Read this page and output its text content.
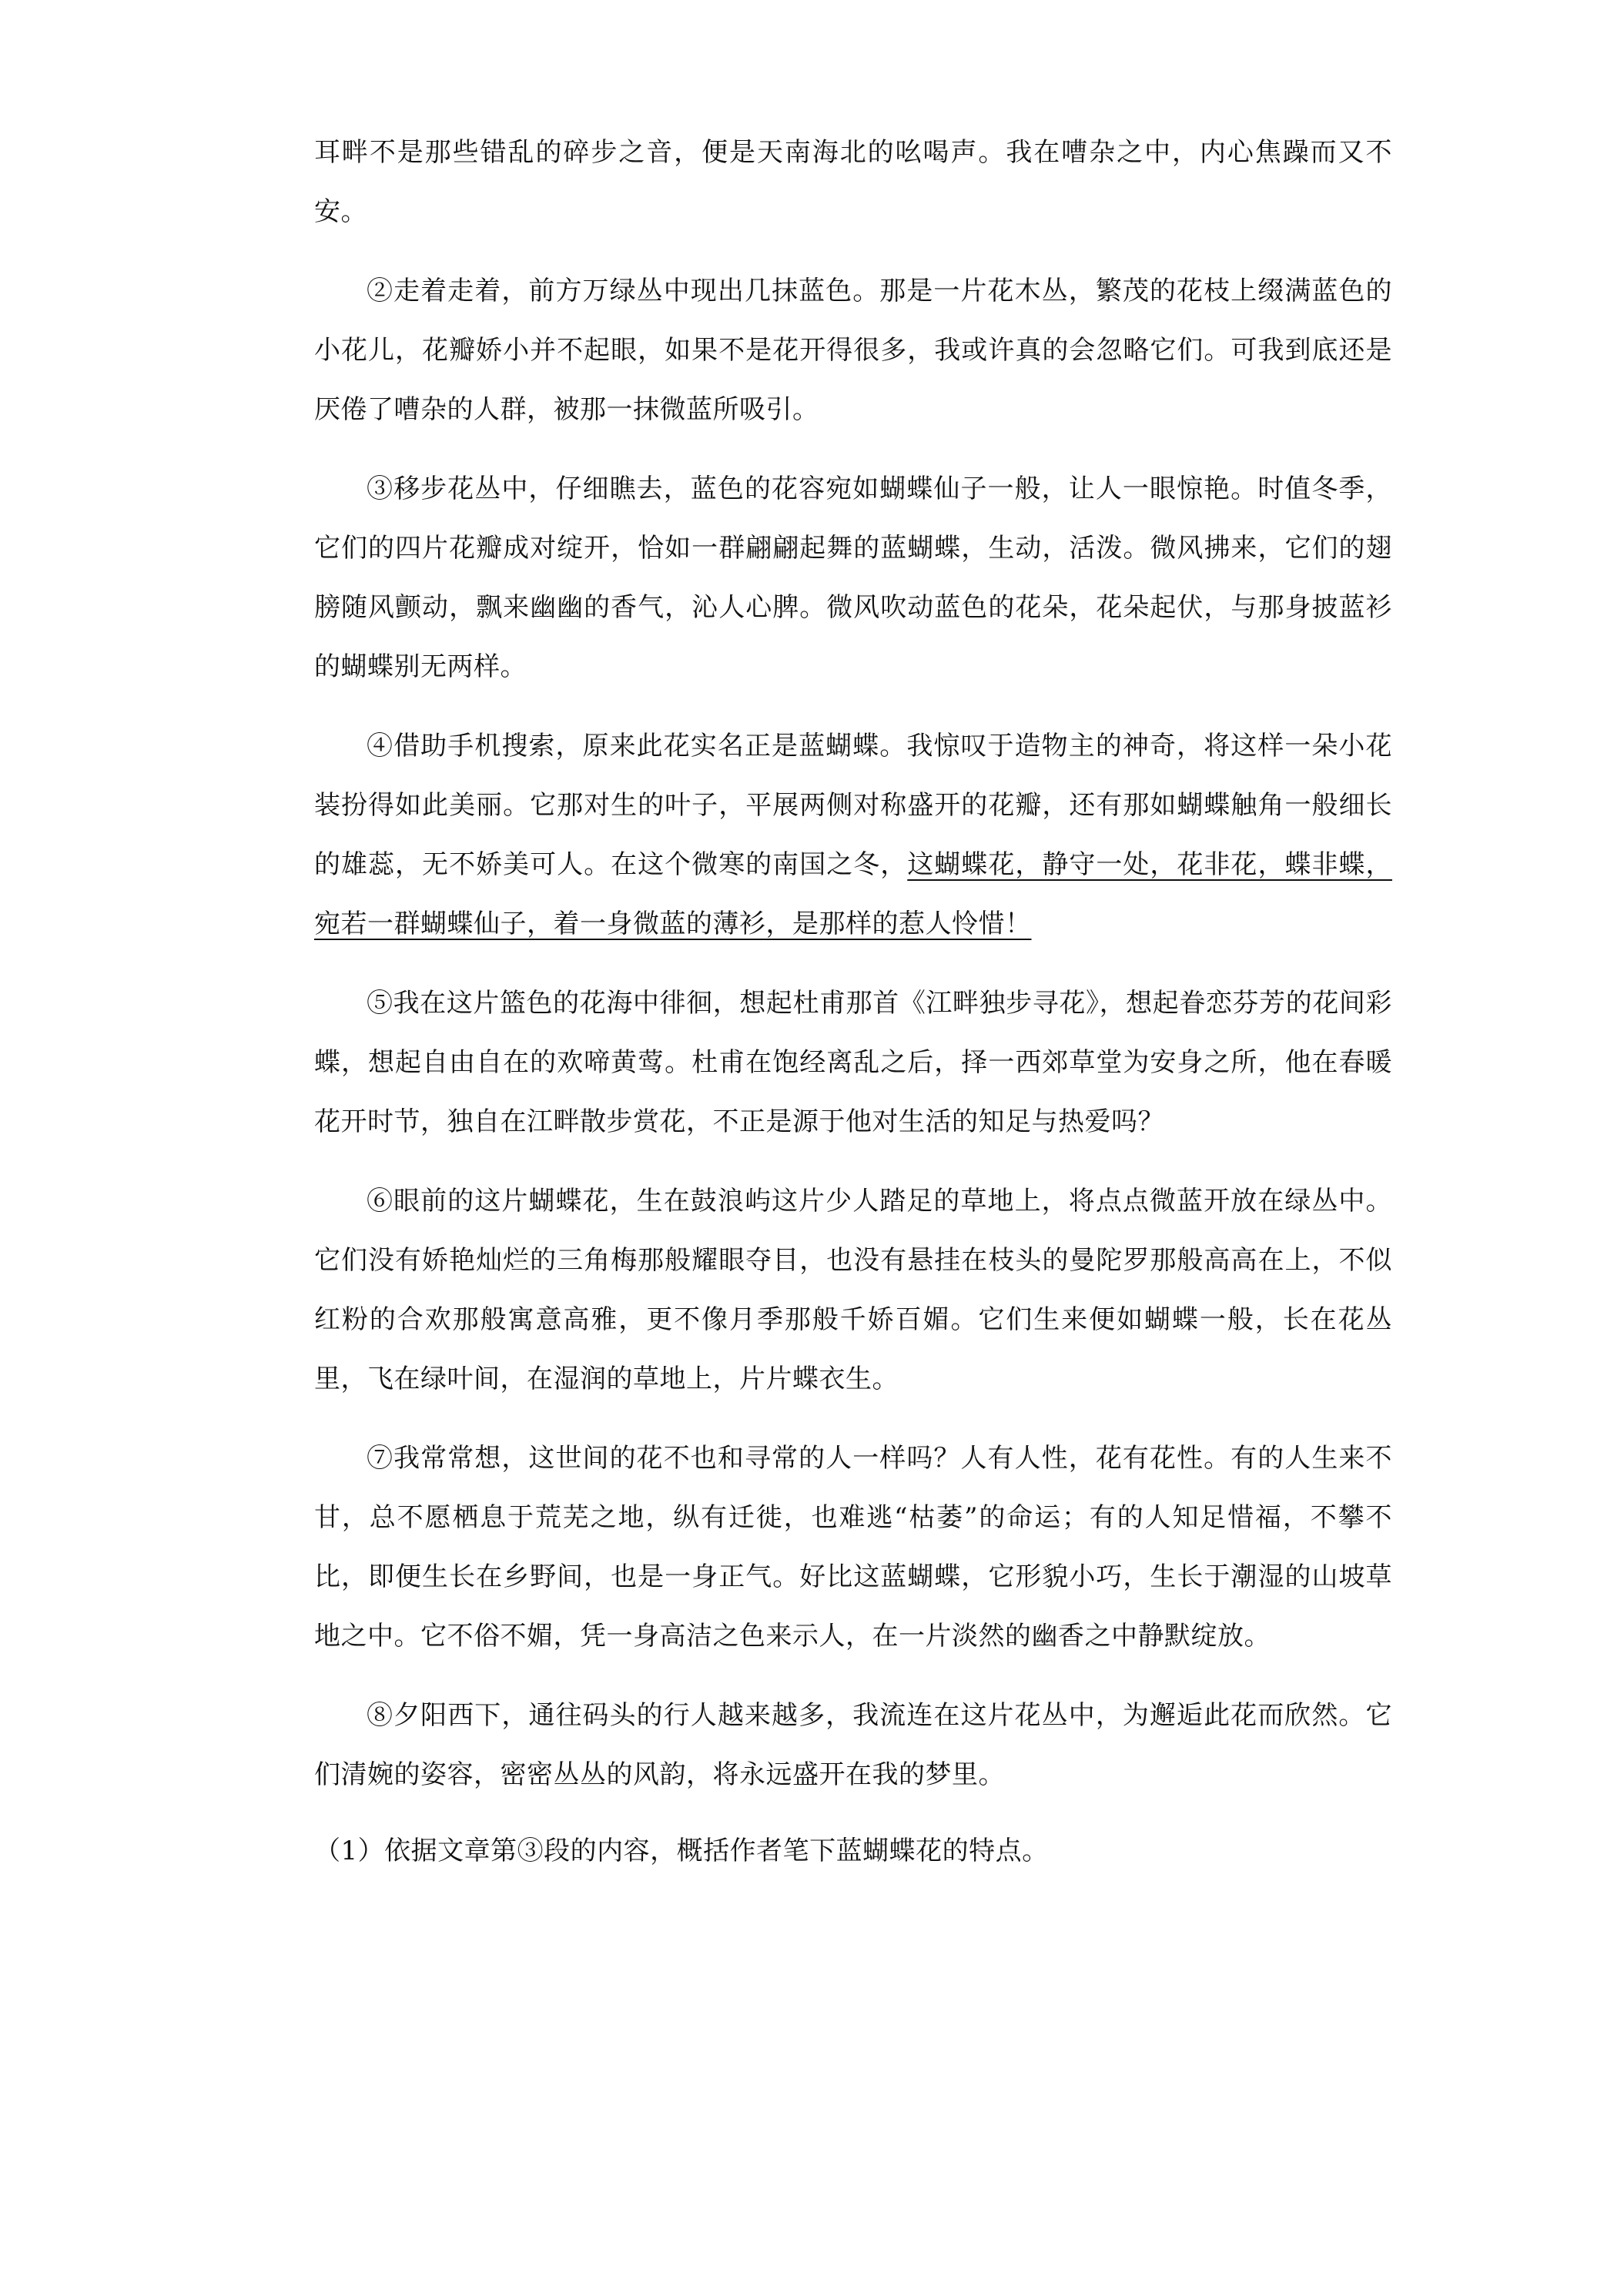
耳畔不是那些错乱的碎步之音，便是天南海北的吆喝声。我在嘈杂之中，内心焦躁而又不安。

②走着走着，前方万绿丛中现出几抹蓝色。那是一片花木丛，繁茂的花枝上缀满蓝色的小花儿，花瓣娇小并不起眼，如果不是花开得很多，我或许真的会忽略它们。可我到底还是厌倦了嘈杂的人群，被那一抹微蓝所吸引。

③移步花丛中，仔细瞧去，蓝色的花容宛如蝴蝶仙子一般，让人一眼惊艳。时值冬季，它们的四片花瓣成对绽开，恰如一群翩翩起舞的蓝蝴蝶，生动，活泼。微风拂来，它们的翅膀随风颤动，飘来幽幽的香气，沁人心脾。微风吹动蓝色的花朵，花朵起伏，与那身披蓝衫的蝴蝶别无两样。

④借助手机搜索，原来此花实名正是蓝蝴蝶。我惊叹于造物主的神奇，将这样一朵小花装扮得如此美丽。它那对生的叶子，平展两侧对称盛开的花瓣，还有那如蝴蝶触角一般细长的雄蕊，无不娇美可人。在这个微寒的南国之冬，这蝴蝶花，静守一处，花非花，蝶非蝶，宛若一群蝴蝶仙子，着一身微蓝的薄衫，是那样的惹人怜惜！

⑤我在这片篮色的花海中徘徊，想起杜甫那首《江畔独步寻花》，想起眷恋芬芳的花间彩蝶，想起自由自在的欢啼黄莺。杜甫在饱经离乱之后，择一西郊草堂为安身之所，他在春暖花开时节，独自在江畔散步赏花，不正是源于他对生活的知足与热爱吗？

⑥眼前的这片蝴蝶花，生在鼓浪屿这片少人踏足的草地上，将点点微蓝开放在绿丛中。它们没有娇艳灿烂的三角梅那般耀眼夺目，也没有悬挂在枝头的曼陀罗那般高高在上，不似红粉的合欢那般寓意高雅，更不像月季那般千娇百媚。它们生来便如蝴蝶一般，长在花丛里，飞在绿叶间，在湿润的草地上，片片蝶衣生。

⑦我常常想，这世间的花不也和寻常的人一样吗？人有人性，花有花性。有的人生来不甘，总不愿栖息于荒芜之地，纵有迁徙，也难逃“枯萎”的命运；有的人知足惜福，不攀不比，即便生长在乡野间，也是一身正气。好比这蓝蝴蝶，它形貌小巧，生长于潮湿的山坡草地之中。它不俗不媚，凭一身高洁之色来示人，在一片淡然的幽香之中静默绽放。

⑧夕阳西下，通往码头的行人越来越多，我流连在这片花丛中，为邂逅此花而欣然。它们清婉的姿容，密密丛丛的风韵，将永远盛开在我的梦里。

（1）依据文章第③段的内容，概括作者笔下蓝蝴蝶花的特点。
